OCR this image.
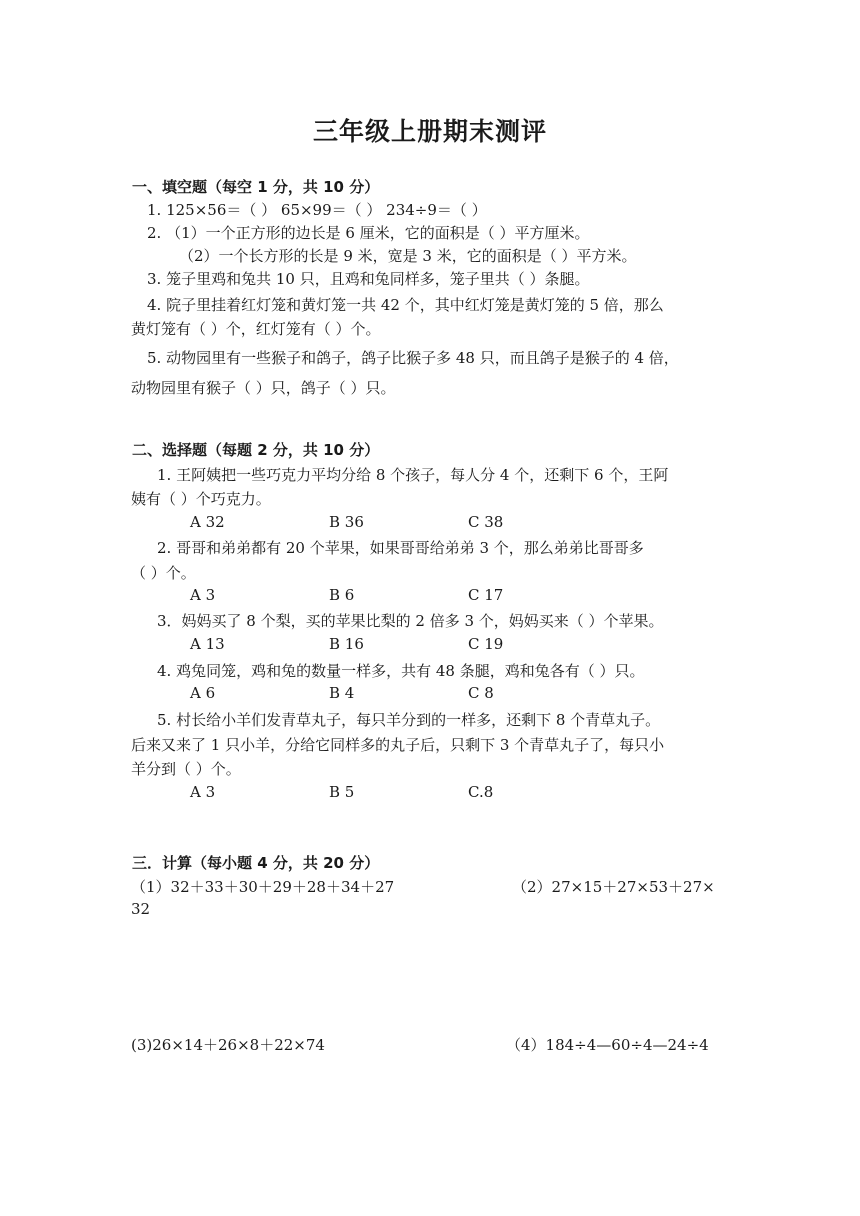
三年级上册期末测评
一、填空题（每空 1 分，共 10 分）
1. 125×56＝（ ） 65×99＝（ ） 234÷9＝（ ）
2. （1）一个正方形的边长是 6 厘米，它的面积是（ ）平方厘米。
（2）一个长方形的长是 9 米，宽是 3 米，它的面积是（ ）平方米。
3. 笼子里鸡和兔共 10 只，且鸡和兔同样多，笼子里共（ ）条腿。
4. 院子里挂着红灯笼和黄灯笼一共 42 个，其中红灯笼是黄灯笼的 5 倍，那么
黄灯笼有（ ）个，红灯笼有（ ）个。
5. 动物园里有一些猴子和鸽子，鸽子比猴子多 48 只，而且鸽子是猴子的 4 倍，
动物园里有猴子（ ）只，鸽子（ ）只。
二、选择题（每题 2 分，共 10 分）
1. 王阿姨把一些巧克力平均分给 8 个孩子，每人分 4 个，还剩下 6 个，王阿
姨有（ ）个巧克力。
A 32	B 36	C 38
2. 哥哥和弟弟都有 20 个苹果，如果哥哥给弟弟 3 个，那么弟弟比哥哥多
（ ）个。
A 3	B 6	C 17
3．妈妈买了 8 个梨，买的苹果比梨的 2 倍多 3 个，妈妈买来（ ）个苹果。
A 13	B 16	C 19
4. 鸡兔同笼，鸡和兔的数量一样多，共有 48 条腿，鸡和兔各有（ ）只。
A 6	B 4	C 8
5. 村长给小羊们发青草丸子，每只羊分到的一样多，还剩下 8 个青草丸子。
后来又来了 1 只小羊，分给它同样多的丸子后，只剩下 3 个青草丸子了，每只小
羊分到（ ）个。
A 3	B 5	C.8
三．计算（每小题 4 分，共 20 分）
（1）32＋33＋30＋29＋28＋34＋27	（2）27×15＋27×53＋27×
32
(3)26×14＋26×8＋22×74	（4）184÷4—60÷4—24÷4
